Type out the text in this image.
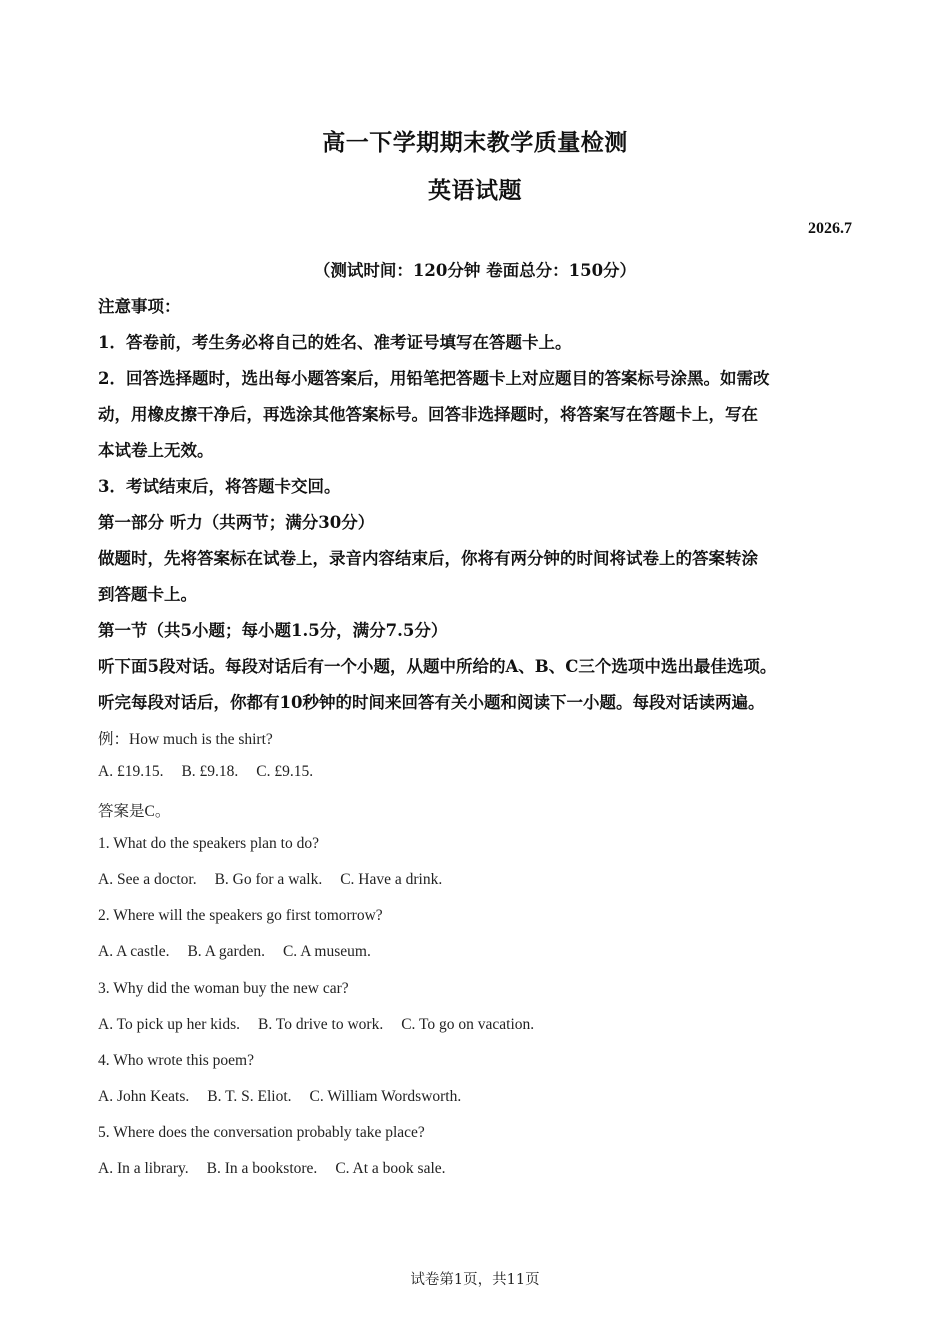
高一下学期期末教学质量检测
英语试题
2026.7
（测试时间：120分钟 卷面总分：150分）
注意事项：
1．答卷前，考生务必将自己的姓名、准考证号填写在答题卡上。
2．回答选择题时，选出每小题答案后，用铅笔把答题卡上对应题目的答案标号涂黑。如需改
动，用橡皮擦干净后，再选涂其他答案标号。回答非选择题时，将答案写在答题卡上，写在
本试卷上无效。
3．考试结束后，将答题卡交回。
第一部分 听力（共两节；满分30分）
做题时，先将答案标在试卷上，录音内容结束后，你将有两分钟的时间将试卷上的答案转涂
到答题卡上。
第一节（共5小题；每小题1.5分，满分7.5分）
听下面5段对话。每段对话后有一个小题，从题中所给的A、B、C三个选项中选出最佳选项。
听完每段对话后，你都有10秒钟的时间来回答有关小题和阅读下一小题。每段对话读两遍。
例：How much is the shirt?
A. £19.15. B. £9.18. C. £9.15.
答案是C。
1. What do the speakers plan to do?
A. See a doctor. B. Go for a walk. C. Have a drink.
2. Where will the speakers go first tomorrow?
A. A castle. B. A garden. C. A museum.
3. Why did the woman buy the new car?
A. To pick up her kids. B. To drive to work. C. To go on vacation.
4. Who wrote this poem?
A. John Keats. B. T. S. Eliot. C. William Wordsworth.
5. Where does the conversation probably take place?
A. In a library. B. In a bookstore. C. At a book sale.
试卷第1页，共11页
